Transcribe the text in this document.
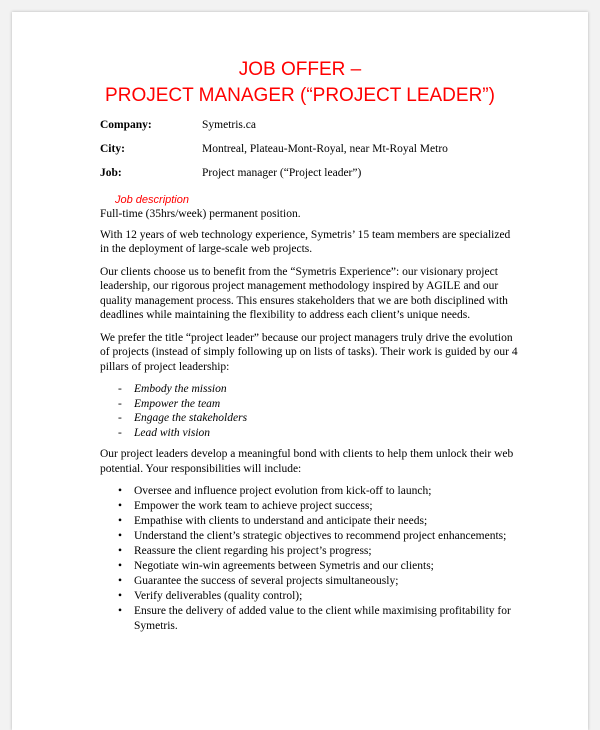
JOB OFFER –
PROJECT MANAGER (“PROJECT LEADER”)
Company:	Symetris.ca
City:	Montreal, Plateau-Mont-Royal, near Mt-Royal Metro
Job:	Project manager (“Project leader”)
Job description

Full-time (35hrs/week) permanent position.

With 12 years of web technology experience, Symetris’ 15 team members are specialized in the deployment of large-scale web projects.

Our clients choose us to benefit from the “Symetris Experience”: our visionary project leadership, our rigorous project management methodology inspired by AGILE and our quality management process. This ensures stakeholders that we are both disciplined with deadlines while maintaining the flexibility to address each client’s unique needs.

We prefer the title “project leader” because our project managers truly drive the evolution of projects (instead of simply following up on lists of tasks). Their work is guided by our 4 pillars of project leadership:

- Embody the mission
- Empower the team
- Engage the stakeholders
- Lead with vision

Our project leaders develop a meaningful bond with clients to help them unlock their web potential. Your responsibilities will include:

• Oversee and influence project evolution from kick-off to launch;
• Empower the work team to achieve project success;
• Empathise with clients to understand and anticipate their needs;
• Understand the client’s strategic objectives to recommend project enhancements;
• Reassure the client regarding his project’s progress;
• Negotiate win-win agreements between Symetris and our clients;
• Guarantee the success of several projects simultaneously;
• Verify deliverables (quality control);
• Ensure the delivery of added value to the client while maximising profitability for Symetris.
